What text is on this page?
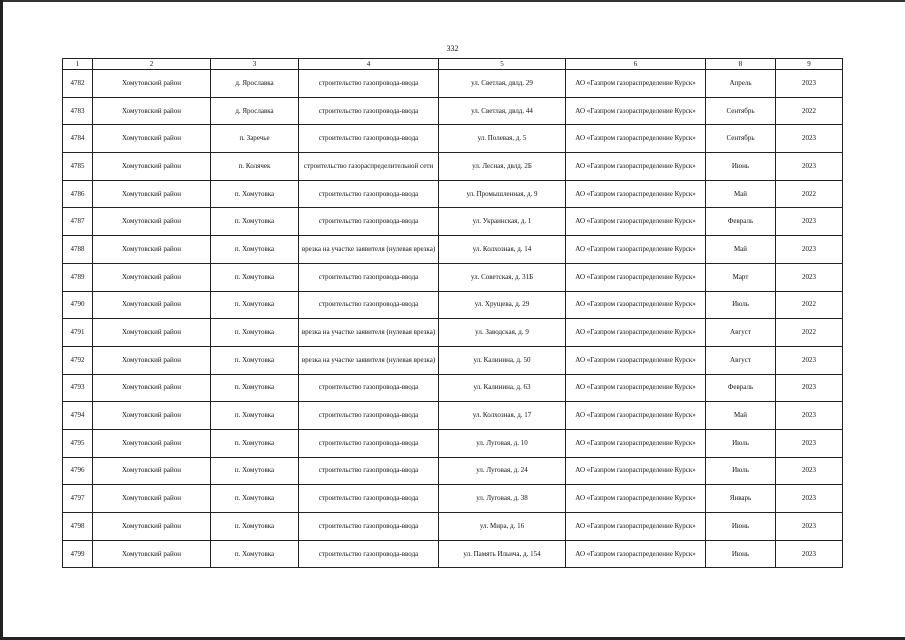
332
1	2	3	4	5	6	8	9
4782	Хомутовский район	д. Ярославка	строительство газопровода-ввода	ул. Светлая, двлд. 29	АО «Газпром газораспределение Курск»	Апрель	2023
4783	Хомутовский район	д. Ярославка	строительство газопровода-ввода	ул. Светлая, двлд. 44	АО «Газпром газораспределение Курск»	Сентябрь	2022
4784	Хомутовский район	п. Заречье	строительство газопровода-ввода	ул. Полевая, д. 5	АО «Газпром газораспределение Курск»	Сентябрь	2023
4785	Хомутовский район	п. Колячек	строительство газораспределительной сети	ул. Лесная, двлд. 2Б	АО «Газпром газораспределение Курск»	Июнь	2023
4786	Хомутовский район	п. Хомутовка	строительство газопровода-ввода	ул. Промышленная, д. 9	АО «Газпром газораспределение Курск»	Май	2022
4787	Хомутовский район	п. Хомутовка	строительство газопровода-ввода	ул. Украинская, д. 1	АО «Газпром газораспределение Курск»	Февраль	2023
4788	Хомутовский район	п. Хомутовка	врезка на участке заявителя (нулевая врезка)	ул. Колхозная, д. 14	АО «Газпром газораспределение Курск»	Май	2023
4789	Хомутовский район	п. Хомутовка	строительство газопровода-ввода	ул. Советская, д. 31Б	АО «Газпром газораспределение Курск»	Март	2023
4790	Хомутовский район	п. Хомутовка	строительство газопровода-ввода	ул. Хрущева, д. 29	АО «Газпром газораспределение Курск»	Июль	2022
4791	Хомутовский район	п. Хомутовка	врезка на участке заявителя (нулевая врезка)	ул. Заводская, д. 9	АО «Газпром газораспределение Курск»	Август	2022
4792	Хомутовский район	п. Хомутовка	врезка на участке заявителя (нулевая врезка)	ул. Калинина, д. 50	АО «Газпром газораспределение Курск»	Август	2023
4793	Хомутовский район	п. Хомутовка	строительство газопровода-ввода	ул. Калинина, д. 63	АО «Газпром газораспределение Курск»	Февраль	2023
4794	Хомутовский район	п. Хомутовка	строительство газопровода-ввода	ул. Колхозная, д. 17	АО «Газпром газораспределение Курск»	Май	2023
4795	Хомутовский район	п. Хомутовка	строительство газопровода-ввода	ул. Луговая, д. 10	АО «Газпром газораспределение Курск»	Июль	2023
4796	Хомутовский район	п. Хомутовка	строительство газопровода-ввода	ул. Луговая, д. 24	АО «Газпром газораспределение Курск»	Июль	2023
4797	Хомутовский район	п. Хомутовка	строительство газопровода-ввода	ул. Луговая, д. 38	АО «Газпром газораспределение Курск»	Январь	2023
4798	Хомутовский район	п. Хомутовка	строительство газопровода-ввода	ул. Мира, д. 16	АО «Газпром газораспределение Курск»	Июнь	2023
4799	Хомутовский район	п. Хомутовка	строительство газопровода-ввода	ул. Память Ильича, д. 154	АО «Газпром газораспределение Курск»	Июнь	2023
